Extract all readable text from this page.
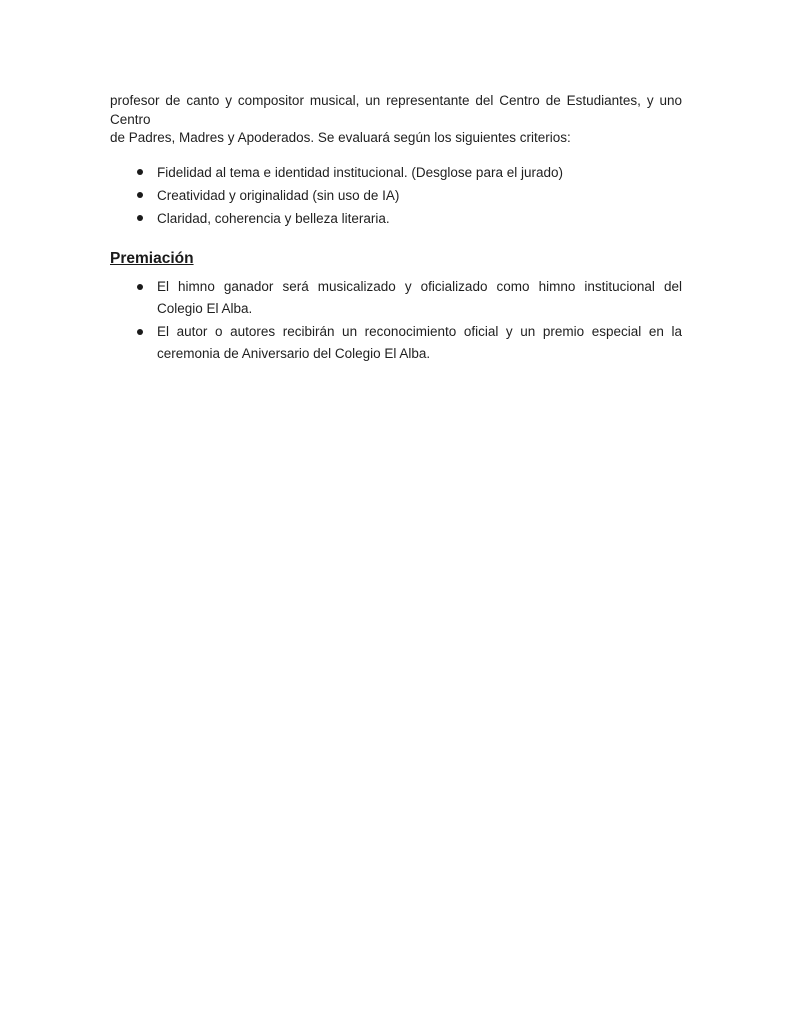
profesor de canto y compositor musical, un representante del Centro de Estudiantes, y uno Centro
de Padres, Madres y Apoderados. Se evaluará según los siguientes criterios:
Fidelidad al tema e identidad institucional. (Desglose para el jurado)
Creatividad y originalidad (sin uso de IA)
Claridad, coherencia y belleza literaria.
Premiación
El himno ganador será musicalizado y oficializado como himno institucional del
Colegio El Alba.
El autor o autores recibirán un reconocimiento oficial y un premio especial en la
ceremonia de Aniversario del Colegio El Alba.
